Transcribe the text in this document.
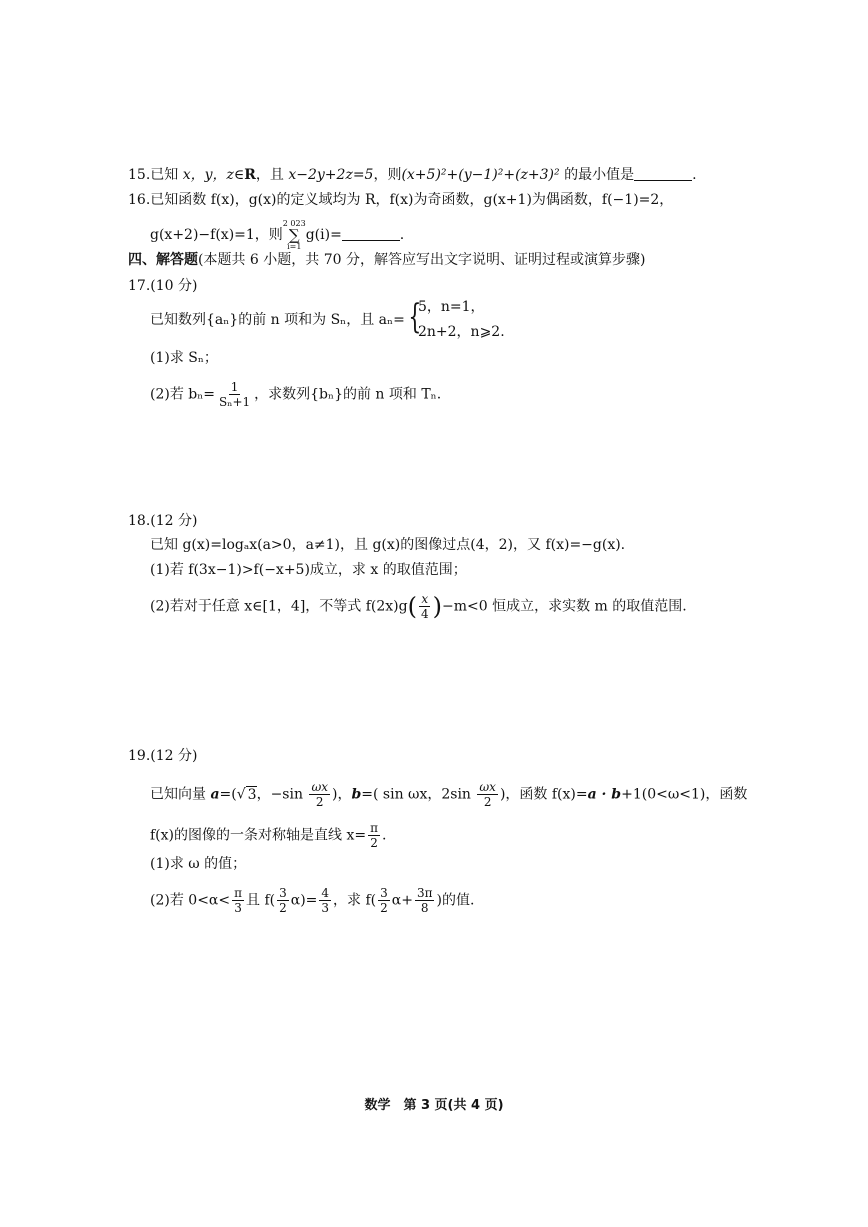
15.已知 x，y，z∈R，且 x−2y+2z=5，则(x+5)²+(y−1)²+(z+3)² 的最小值是	.
16.已知函数 f(x)，g(x)的定义域均为 R，f(x)为奇函数，g(x+1)为偶函数，f(−1)=2，
g(x+2)−f(x)=1，则
2 023
∑
i=1
g(i)=	.
四、解答题(本题共 6 小题，共 70 分，解答应写出文字说明、证明过程或演算步骤)
17.(10 分)
已知数列{aₙ}的前 n 项和为 Sₙ，且 aₙ= {
5，n=1，
2n+2，n⩾2.
(1)求 Sₙ；
(2)若 $b_n= \frac{1}{\text{Sₙ+1}}$ ，求数列{bₙ}的前 n 项和 Tₙ.
18.(12 分)
已知 g(x)=logₐx(a>0，a≠1)，且 g(x)的图像过点(4，2)，又 f(x)=−g(x).
(1)若 f(3x−1)>f(−x+5)成立，求 x 的取值范围；
(2)若对于任意 x∈[1，4]，不等式 $f(2x)g( \frac{x}{4} )-m<0$ 恒成立，求实数 m 的取值范围.
19.(12 分)
已知向量 a=(√ 3，$-\sin \frac{\omega x}{2}$ )，b=( sin ωx，$2\sin \frac{\omega x}{2}$ )，函数 f(x)=a · b+1(0<ω<1)，函数
f(x)的图像的一条对称轴是直线 $x= \frac{\pi}{2}$ .
(1)求 ω 的值；
(2)若 $0<\alpha< \frac{\pi}{3}$ 且 $f( \frac{3}{2} \alpha)= \frac{4}{3}$ ，求 $f( \frac{3}{2} \alpha+ \frac{3\pi}{8}$ )的值.
数学　第 3 页(共 4 页)
